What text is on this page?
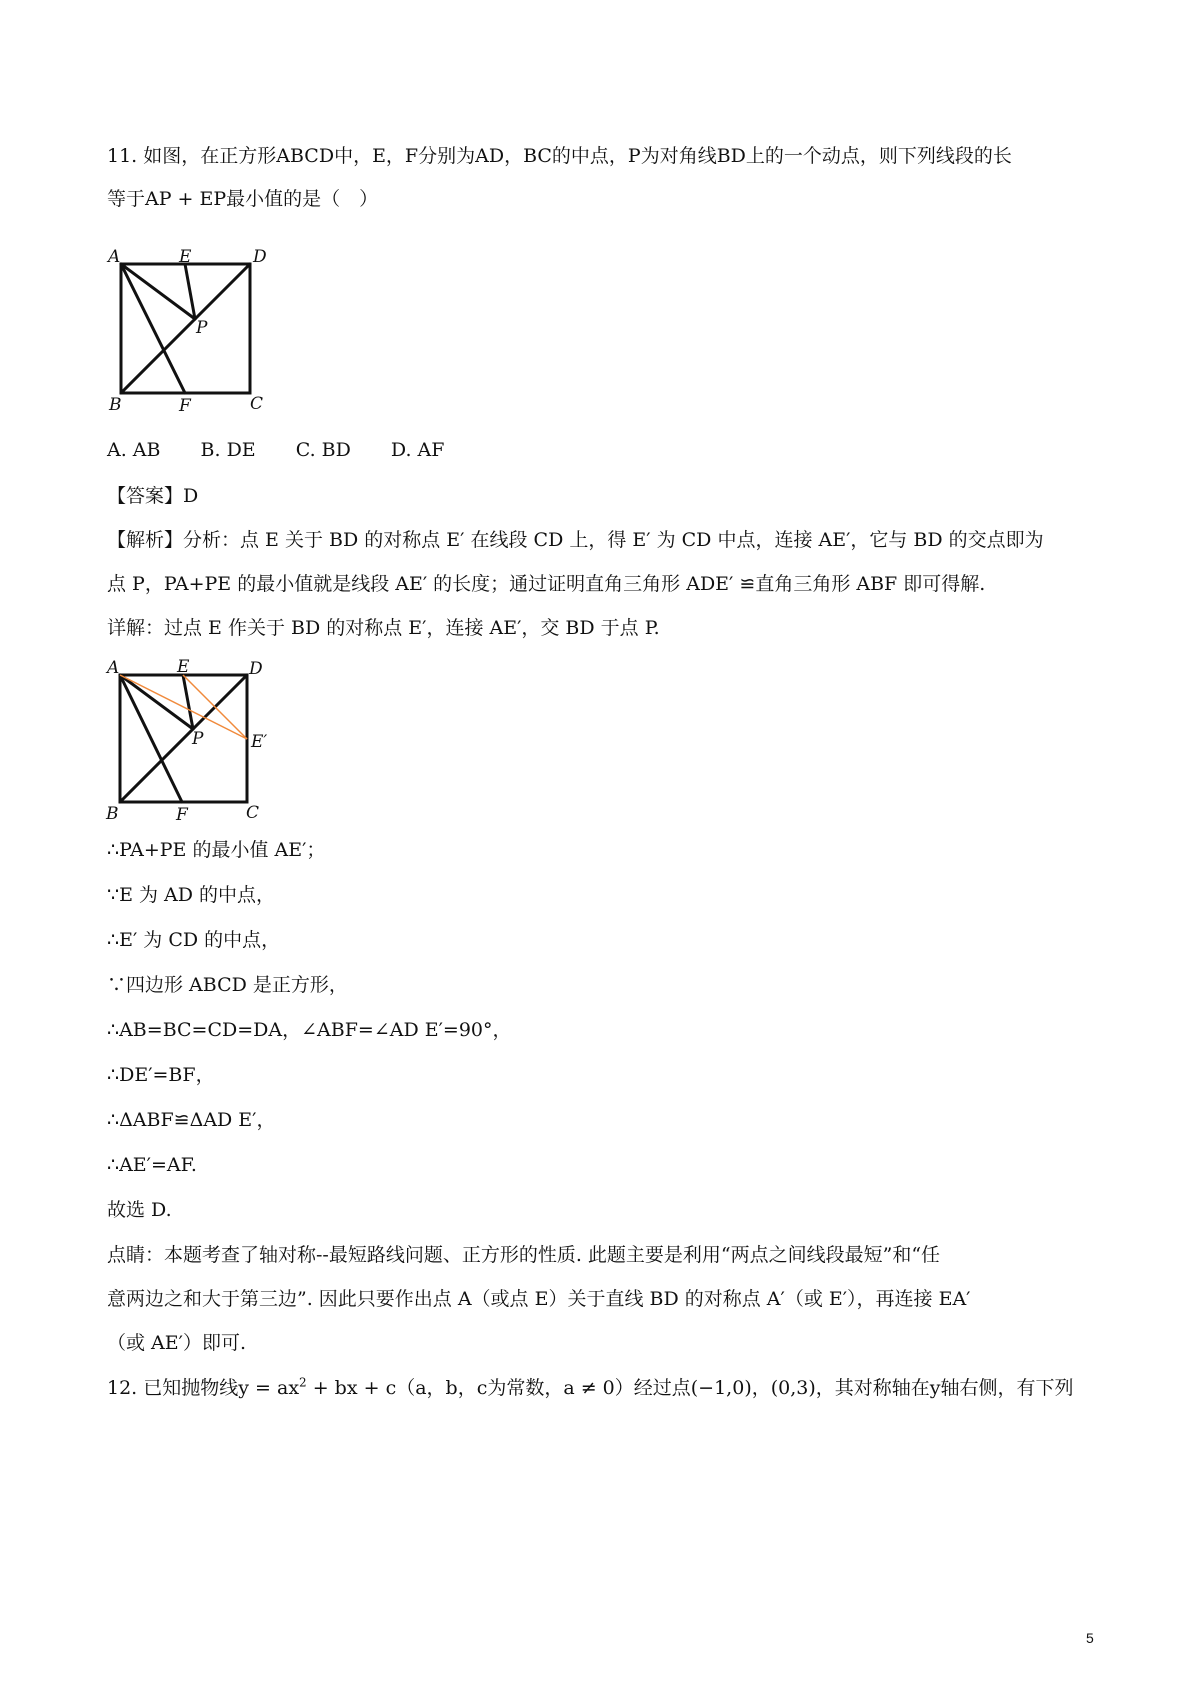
11. 如图，在正方形ABCD中，E，F分别为AD，BC的中点，P为对角线BD上的一个动点，则下列线段的长
等于AP + EP最小值的是（　）
A	E	D
P
B	F	C
A. AB B. DE C. BD D. AF
【答案】D
【解析】分析：点 E 关于 BD 的对称点 E′ 在线段 CD 上，得 E′ 为 CD 中点，连接 AE′，它与 BD 的交点即为
点 P，PA+PE 的最小值就是线段 AE′ 的长度；通过证明直角三角形 ADE′ ≌直角三角形 ABF 即可得解.
详解：过点 E 作关于 BD 的对称点 E′，连接 AE′，交 BD 于点 P.
A	E	D
P	E′
B	F	C
∴PA+PE 的最小值 AE′；
∵E 为 AD 的中点，
∴E′ 为 CD 的中点，
∵四边形 ABCD 是正方形，
∴AB=BC=CD=DA，∠ABF=∠AD E′=90°，
∴DE′=BF，
∴ΔABF≌ΔAD E′，
∴AE′=AF.
故选 D.
点睛：本题考查了轴对称--最短路线问题、正方形的性质. 此题主要是利用“两点之间线段最短”和“任
意两边之和大于第三边”. 因此只要作出点 A（或点 E）关于直线 BD 的对称点 A′（或 E′），再连接 EA′
（或 AE′）即可.
12. 已知抛物线$y = ax^2$ + bx + c（a，b，c为常数，a ≠ 0）经过点(−1,0)，(0,3)，其对称轴在y轴右侧，有下列
5
